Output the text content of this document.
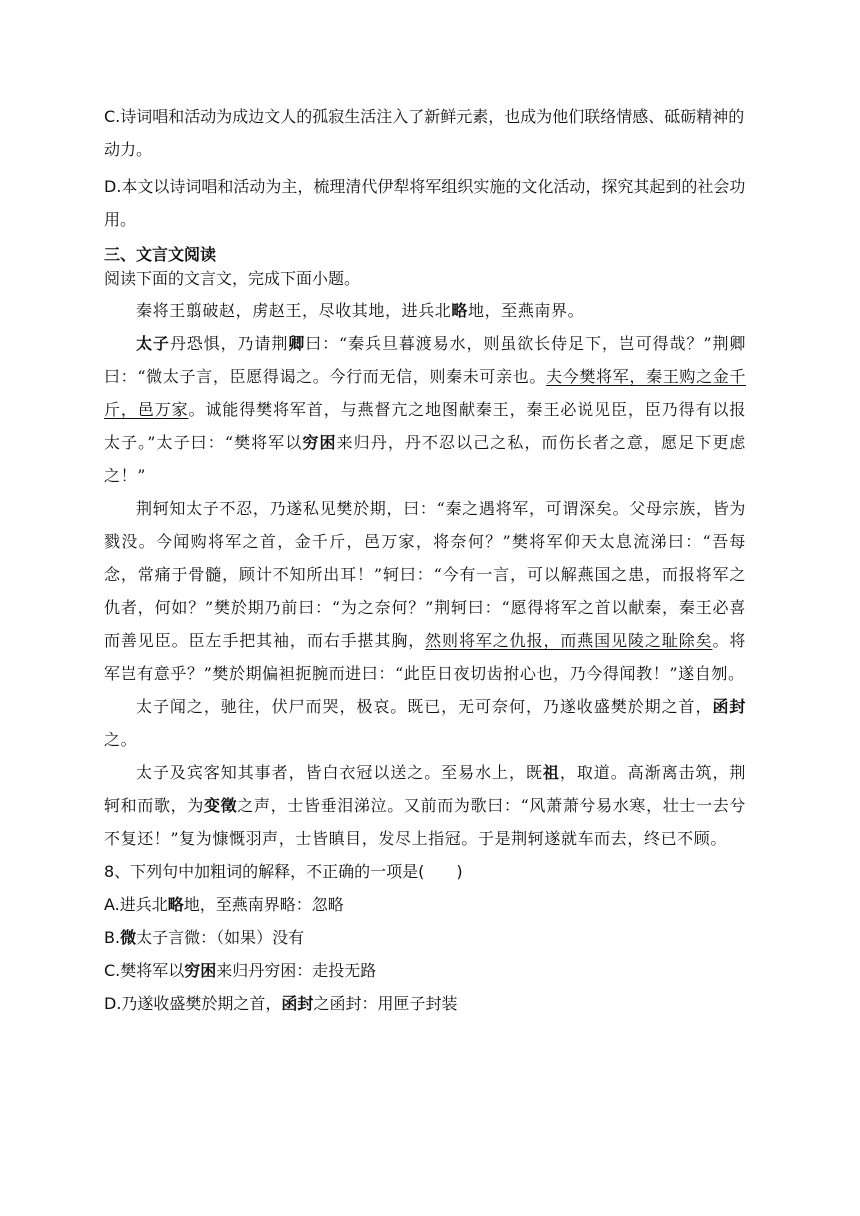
C.诗词唱和活动为成边文人的孤寂生活注入了新鲜元素，也成为他们联络情感、砥砺精神的动力。

D.本文以诗词唱和活动为主，梳理清代伊犁将军组织实施的文化活动，探究其起到的社会功用。

三、文言文阅读

阅读下面的文言文，完成下面小题。

秦将王翦破赵，虏赵王，尽收其地，进兵北略地，至燕南界。

太子丹恐惧，乃请荆卿曰：“秦兵旦暮渡易水，则虽欲长侍足下，岂可得哉？”荆卿曰：“微太子言，臣愿得谒之。今行而无信，则秦未可亲也。夫今樊将军，秦王购之金千斤，邑万家。诚能得樊将军首，与燕督亢之地图献秦王，秦王必说见臣，臣乃得有以报太子。”太子曰：“樊将军以穷困来归丹，丹不忍以己之私，而伤长者之意，愿足下更虑之！”

荆轲知太子不忍，乃遂私见樊於期，曰：“秦之遇将军，可谓深矣。父母宗族，皆为戮没。今闻购将军之首，金千斤，邑万家，将奈何？”樊将军仰天太息流涕曰：“吾每念，常痛于骨髓，顾计不知所出耳！”轲曰：“今有一言，可以解燕国之患，而报将军之仇者，何如？”樊於期乃前曰：“为之奈何？”荆轲曰：“愿得将军之首以献秦，秦王必喜而善见臣。臣左手把其袖，而右手揕其胸，然则将军之仇报，而燕国见陵之耻除矣。将军岂有意乎？”樊於期偏袒扼腕而进曰：“此臣日夜切齿拊心也，乃今得闻教！”遂自刎。

太子闻之，驰往，伏尸而哭，极哀。既已，无可奈何，乃遂收盛樊於期之首，函封之。

太子及宾客知其事者，皆白衣冠以送之。至易水上，既祖，取道。高渐离击筑，荆轲和而歌，为变徵之声，士皆垂泪涕泣。又前而为歌曰：“风萧萧兮易水寒，壮士一去兮不复还！”复为慷慨羽声，士皆瞋目，发尽上指冠。于是荆轲遂就车而去，终已不顾。

8、下列句中加粗词的解释，不正确的一项是(　　)

A.进兵北略地，至燕南界略：忽略

B.微太子言微：（如果）没有

C.樊将军以穷困来归丹穷困：走投无路

D.乃遂收盛樊於期之首，函封之函封：用匣子封装
